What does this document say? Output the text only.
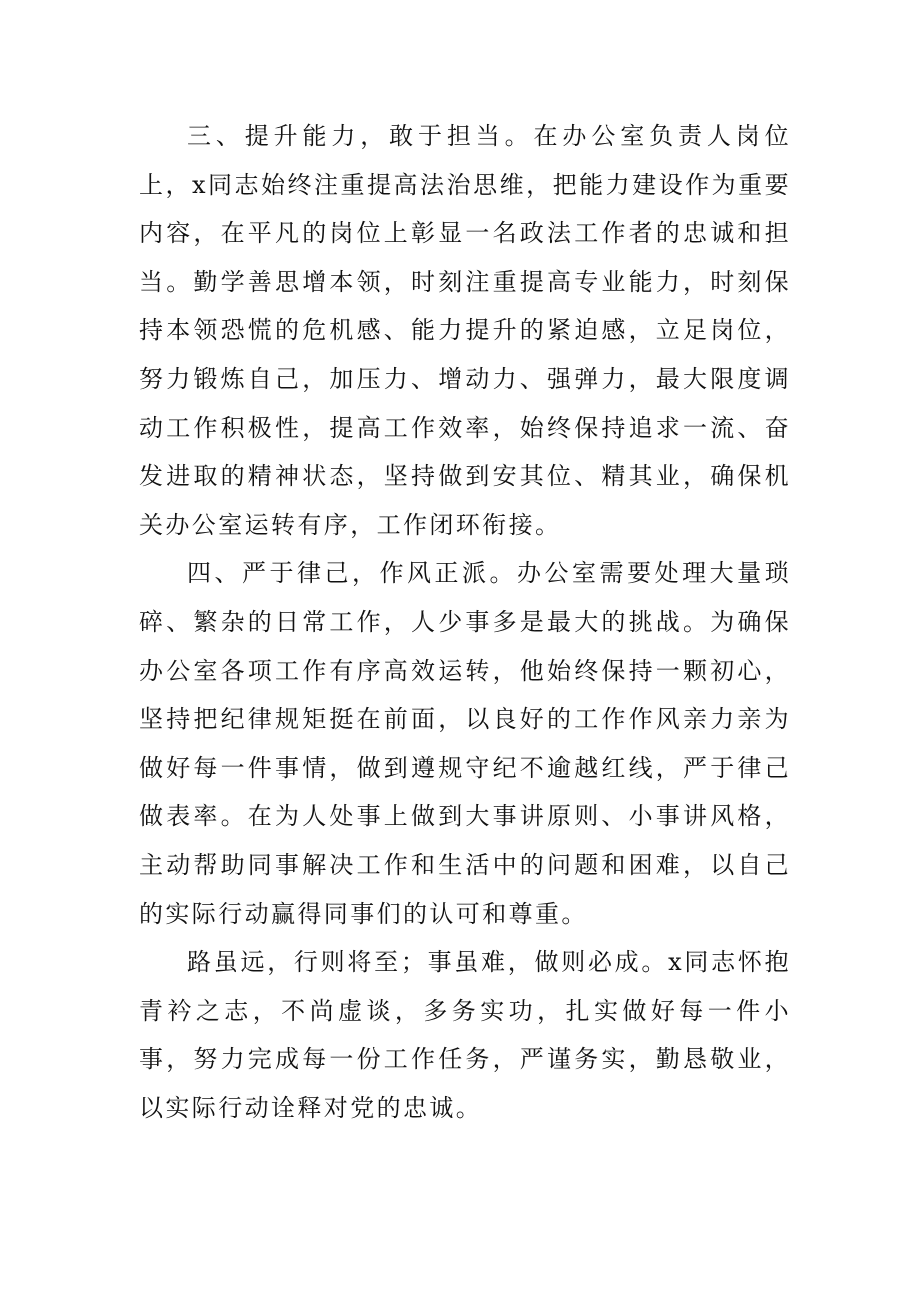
三、提升能力，敢于担当。在办公室负责人岗位上，x同志始终注重提高法治思维，把能力建设作为重要内容，在平凡的岗位上彰显一名政法工作者的忠诚和担当。勤学善思增本领，时刻注重提高专业能力，时刻保持本领恐慌的危机感、能力提升的紧迫感，立足岗位，努力锻炼自己，加压力、增动力、强弹力，最大限度调动工作积极性，提高工作效率，始终保持追求一流、奋发进取的精神状态，坚持做到安其位、精其业，确保机关办公室运转有序，工作闭环衔接。

四、严于律己，作风正派。办公室需要处理大量琐碎、繁杂的日常工作，人少事多是最大的挑战。为确保办公室各项工作有序高效运转，他始终保持一颗初心，坚持把纪律规矩挺在前面，以良好的工作作风亲力亲为做好每一件事情，做到遵规守纪不逾越红线，严于律己做表率。在为人处事上做到大事讲原则、小事讲风格，主动帮助同事解决工作和生活中的问题和困难，以自己的实际行动赢得同事们的认可和尊重。

路虽远，行则将至；事虽难，做则必成。x同志怀抱青衿之志，不尚虚谈，多务实功，扎实做好每一件小事，努力完成每一份工作任务，严谨务实，勤恳敬业，以实际行动诠释对党的忠诚。
